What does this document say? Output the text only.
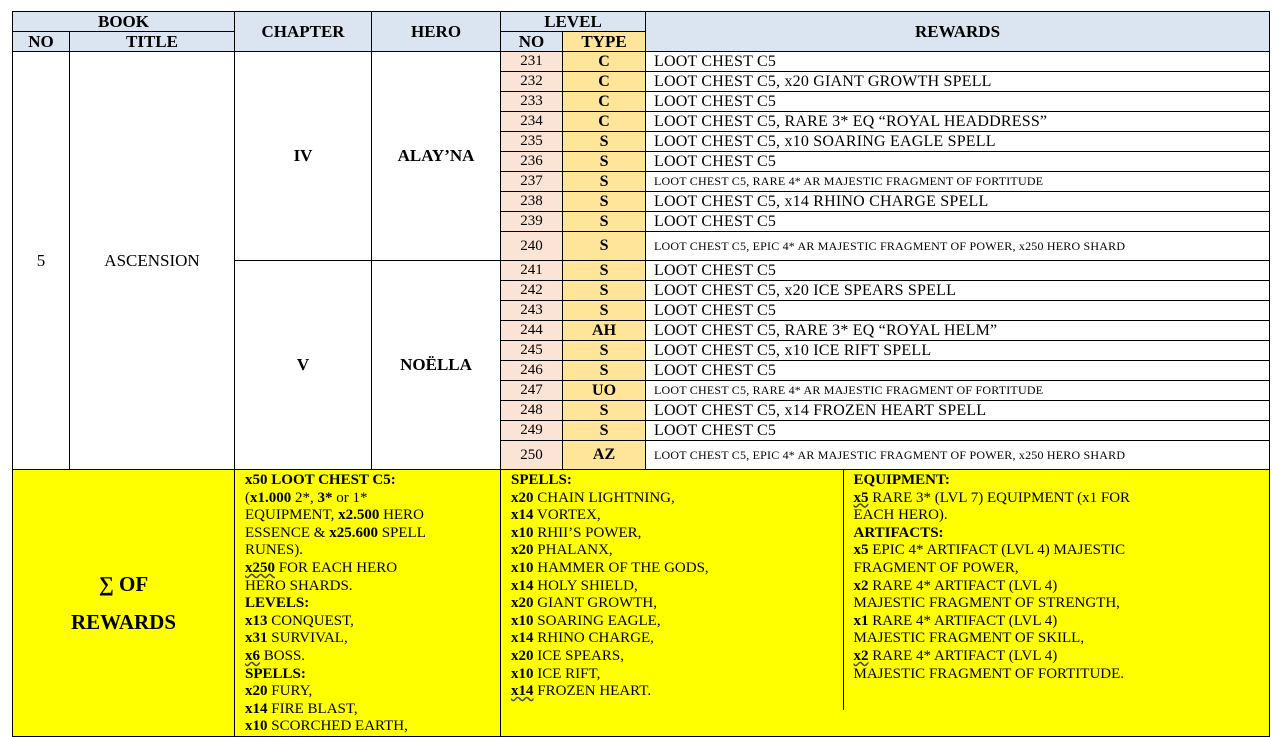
BOOK	CHAPTER	HERO	LEVEL	REWARDS
NO	TITLE	NO	TYPE
5	ASCENSION	IV	ALAY’NA	231	C	LOOT CHEST C5
232	C	LOOT CHEST C5, x20 GIANT GROWTH SPELL
233	C	LOOT CHEST C5
234	C	LOOT CHEST C5, RARE 3* EQ “ROYAL HEADDRESS”
235	S	LOOT CHEST C5, x10 SOARING EAGLE SPELL
236	S	LOOT CHEST C5
237	S	LOOT CHEST C5, RARE 4* AR MAJESTIC FRAGMENT OF FORTITUDE
238	S	LOOT CHEST C5, x14 RHINO CHARGE SPELL
239	S	LOOT CHEST C5
240	S	LOOT CHEST C5, EPIC 4* AR MAJESTIC FRAGMENT OF POWER, x250 HERO SHARD
V	NOËLLA	241	S	LOOT CHEST C5
242	S	LOOT CHEST C5, x20 ICE SPEARS SPELL
243	S	LOOT CHEST C5
244	AH	LOOT CHEST C5, RARE 3* EQ “ROYAL HELM”
245	S	LOOT CHEST C5, x10 ICE RIFT SPELL
246	S	LOOT CHEST C5
247	UO	LOOT CHEST C5, RARE 4* AR MAJESTIC FRAGMENT OF FORTITUDE
248	S	LOOT CHEST C5, x14 FROZEN HEART SPELL
249	S	LOOT CHEST C5
250	AZ	LOOT CHEST C5, EPIC 4* AR MAJESTIC FRAGMENT OF POWER, x250 HERO SHARD

∑ OF
REWARDS

x50 LOOT CHEST C5:
(x1.000 2*, 3* or 1*
EQUIPMENT, x2.500 HERO
ESSENCE & x25.600 SPELL
RUNES).
x250 FOR EACH HERO
HERO SHARDS.
LEVELS:
x13 CONQUEST,
x31 SURVIVAL,
x6 BOSS.
SPELLS:
x20 FURY,
x14 FIRE BLAST,
x10 SCORCHED EARTH,

SPELLS:
x20 CHAIN LIGHTNING,
x14 VORTEX,
x10 RHII’S POWER,
x20 PHALANX,
x10 HAMMER OF THE GODS,
x14 HOLY SHIELD,
x20 GIANT GROWTH,
x10 SOARING EAGLE,
x14 RHINO CHARGE,
x20 ICE SPEARS,
x10 ICE RIFT,
x14 FROZEN HEART.

EQUIPMENT:
x5 RARE 3* (LVL 7) EQUIPMENT (x1 FOR
EACH HERO).
ARTIFACTS:
x5 EPIC 4* ARTIFACT (LVL 4) MAJESTIC
FRAGMENT OF POWER,
x2 RARE 4* ARTIFACT (LVL 4)
MAJESTIC FRAGMENT OF STRENGTH,
x1 RARE 4* ARTIFACT (LVL 4)
MAJESTIC FRAGMENT OF SKILL,
x2 RARE 4* ARTIFACT (LVL 4)
MAJESTIC FRAGMENT OF FORTITUDE.
